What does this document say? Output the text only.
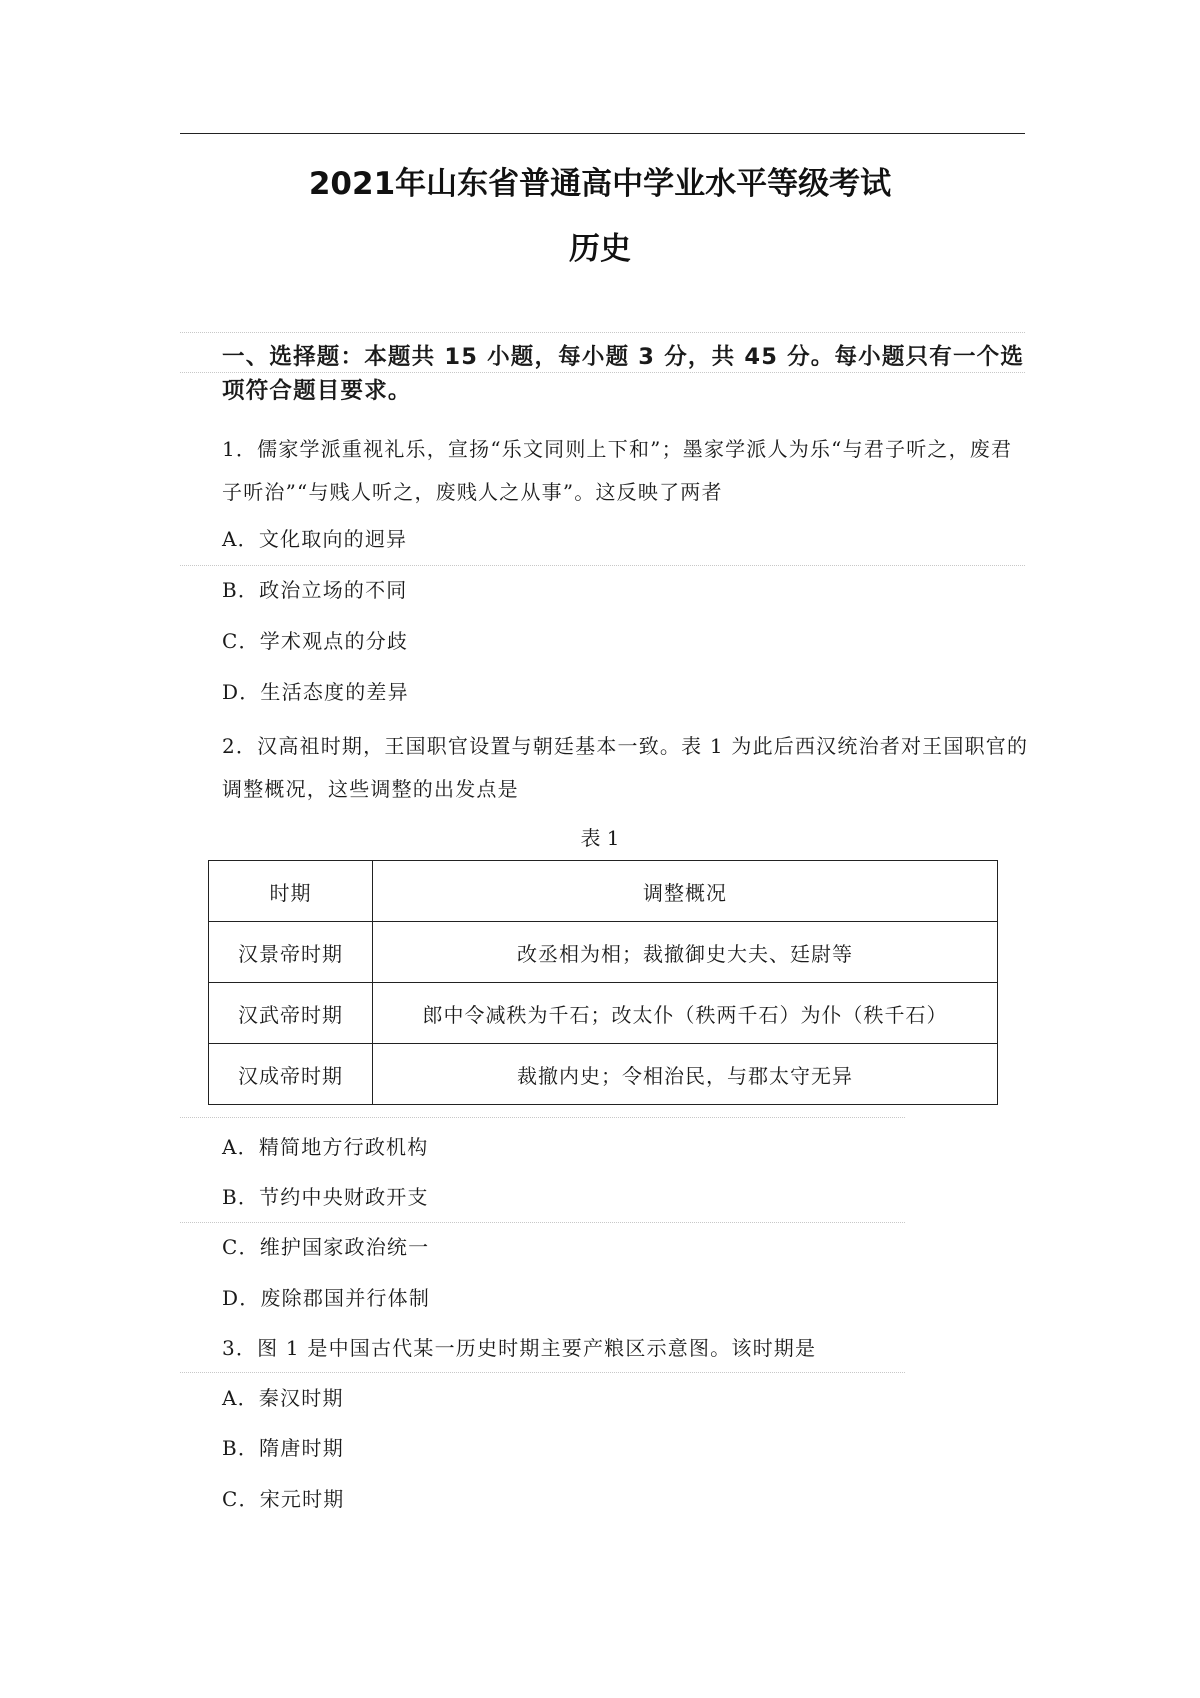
2021年山东省普通高中学业水平等级考试
历史
一、选择题：本题共 15 小题，每小题 3 分，共 45 分。每小题只有一个选项符合题目要求。
1．儒家学派重视礼乐，宣扬“乐文同则上下和”；墨家学派人为乐“与君子听之，废君子听治”“与贱人听之，废贱人之从事”。这反映了两者
A．文化取向的迥异
B．政治立场的不同
C．学术观点的分歧
D．生活态度的差异
2．汉高祖时期，王国职官设置与朝廷基本一致。表 1 为此后西汉统治者对王国职官的调整概况，这些调整的出发点是
表 1
时期	调整概况
汉景帝时期	改丞相为相；裁撤御史大夫、廷尉等
汉武帝时期	郎中令减秩为千石；改太仆（秩两千石）为仆（秩千石）
汉成帝时期	裁撤内史；令相治民，与郡太守无异
A．精简地方行政机构
B．节约中央财政开支
C．维护国家政治统一
D．废除郡国并行体制
3．图 1 是中国古代某一历史时期主要产粮区示意图。该时期是
A．秦汉时期
B．隋唐时期
C．宋元时期
